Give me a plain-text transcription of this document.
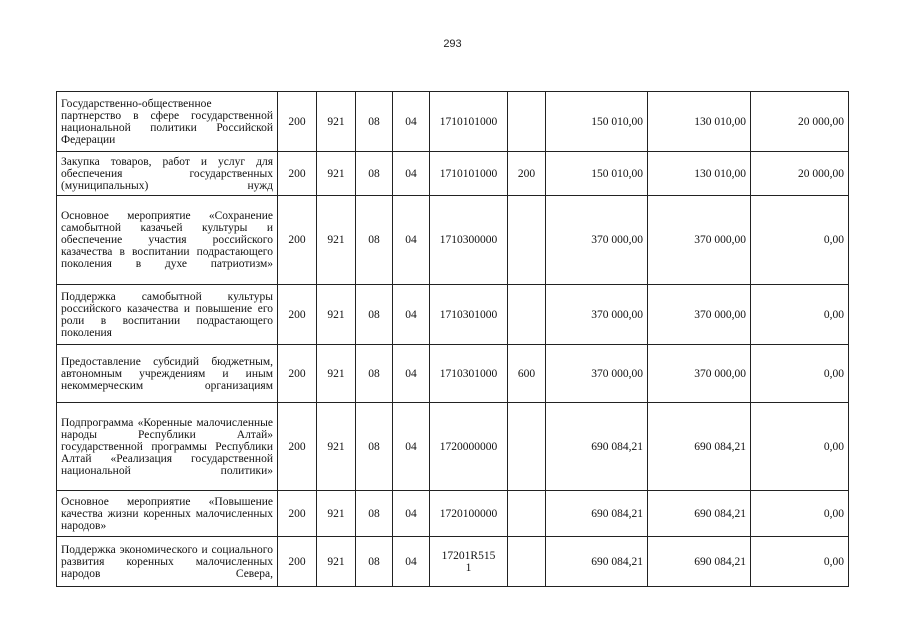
293
Государственно-общественное партнерство в сфере государственной национальной политики Российской Федерации	200	921	08	04	1710101000		150 010,00	130 010,00	20 000,00
Закупка товаров, работ и услуг для обеспечения государственных (муниципальных) нужд	200	921	08	04	1710101000	200	150 010,00	130 010,00	20 000,00
Основное мероприятие «Сохранение самобытной казачьей культуры и обеспечение участия российского казачества в воспитании подрастающего поколения в духе патриотизм»	200	921	08	04	1710300000		370 000,00	370 000,00	0,00
Поддержка самобытной культуры российского казачества и повышение его роли в воспитании подрастающего поколения	200	921	08	04	1710301000		370 000,00	370 000,00	0,00
Предоставление субсидий бюджетным, автономным учреждениям и иным некоммерческим организациям	200	921	08	04	1710301000	600	370 000,00	370 000,00	0,00
Подпрограмма «Коренные малочисленные народы Республики Алтай» государственной программы Республики Алтай «Реализация государственной национальной политики»	200	921	08	04	1720000000		690 084,21	690 084,21	0,00
Основное мероприятие «Повышение качества жизни коренных малочисленных народов»	200	921	08	04	1720100000		690 084,21	690 084,21	0,00
Поддержка экономического и социального развития коренных малочисленных народов Севера,	200	921	08	04	17201R5151		690 084,21	690 084,21	0,00
